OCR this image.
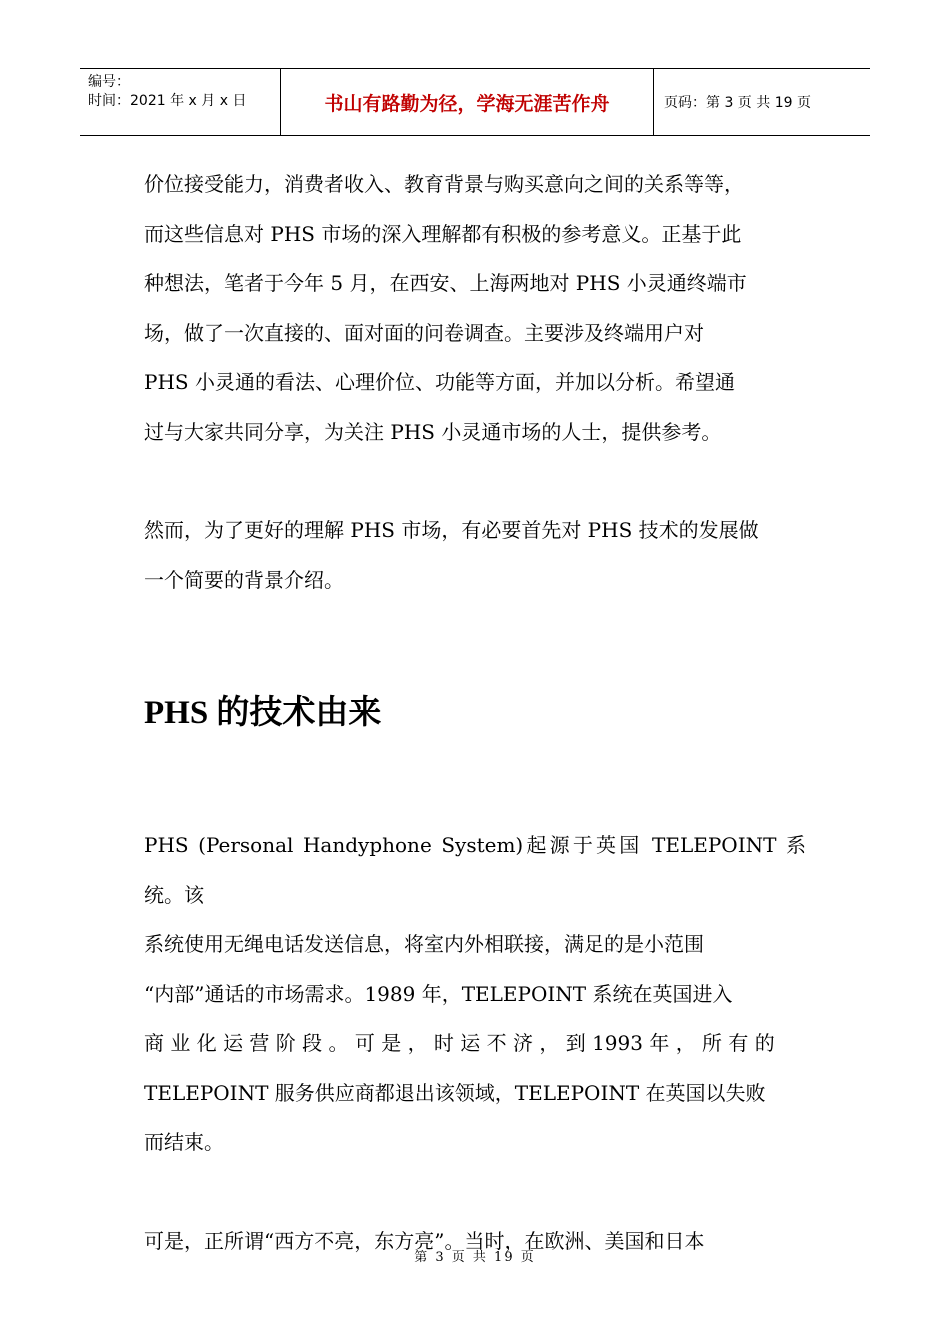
编号：
时间：2021 年 x 月 x 日	书山有路勤为径，学海无涯苦作舟	页码：第 3 页 共 19 页

价位接受能力，消费者收入、教育背景与购买意向之间的关系等等，
而这些信息对 PHS 市场的深入理解都有积极的参考意义。正基于此
种想法，笔者于今年 5 月，在西安、上海两地对 PHS 小灵通终端市
场，做了一次直接的、面对面的问卷调查。主要涉及终端用户对
PHS 小灵通的看法、心理价位、功能等方面，并加以分析。希望通
过与大家共同分享，为关注 PHS 小灵通市场的人士，提供参考。

然而，为了更好的理解 PHS 市场，有必要首先对 PHS 技术的发展做
一个简要的背景介绍。

PHS 的技术由来

PHS (Personal Handyphone System)起源于英国 TELEPOINT 系统。该
系统使用无绳电话发送信息，将室内外相联接，满足的是小范围
“内部”通话的市场需求。1989 年，TELEPOINT 系统在英国进入
商 业 化 运 营 阶 段 。 可 是 ， 时 运 不 济 ， 到 1993 年 ， 所 有 的
TELEPOINT 服务供应商都退出该领域，TELEPOINT 在英国以失败
而结束。

可是，正所谓“西方不亮，东方亮”。当时，在欧洲、美国和日本

第 3 页 共 19 页
